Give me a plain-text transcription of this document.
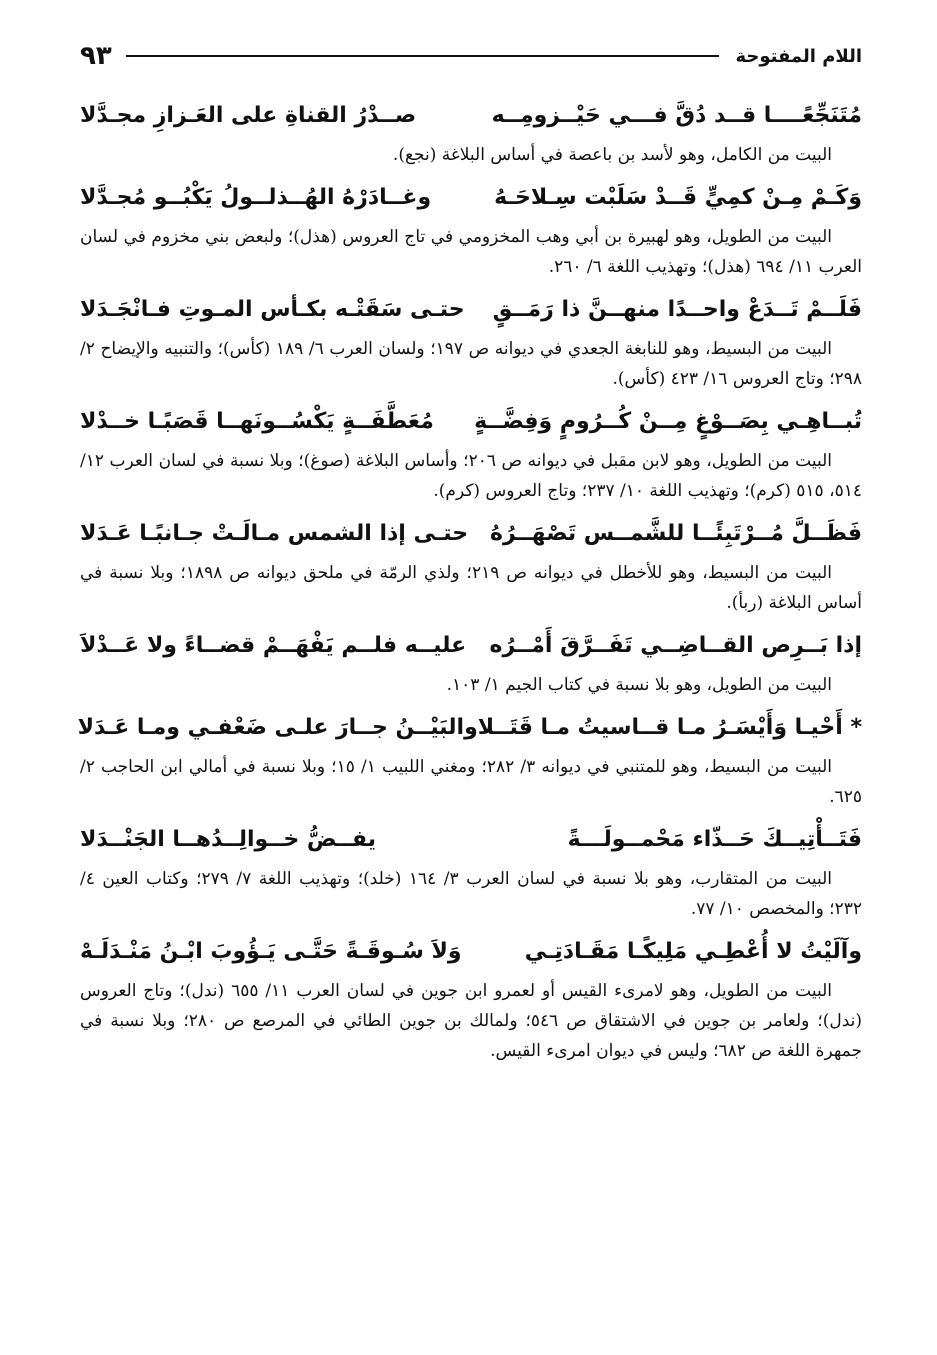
اللام المفتوحة
٩٣
مُتَنَجِّعًــــا قــد دُقَّ فـــي حَيْــزومِــه
صــدْرُ القناةِ على العَـزازِ مجـدَّلا

البيت من الكامل، وهو لأسد بن باعصة في أساس البلاغة (نجع).

وَكَـمْ مِـنْ كمِيٍّ قَــدْ سَلَبْت سِـلاحَـهُ
وغــادَرْهُ الهُــذلــولُ يَكْبُــو مُجـدَّلا

البيت من الطويل، وهو لهبيرة بن أبي وهب المخزومي في تاج العروس (هذل)؛ ولبعض بني مخزوم في لسان العرب ١١/ ٦٩٤ (هذل)؛ وتهذيب اللغة ٦/ ٢٦٠.

فَلَــمْ تَــدَعْ واحــدًا منهــنَّ ذا رَمَــقٍ
حتـى سَقَتْـه بكـأس المـوتِ فـانْجَـدَلا

البيت من البسيط، وهو للنابغة الجعدي في ديوانه ص ١٩٧؛ ولسان العرب ٦/ ١٨٩ (كأس)؛ والتنبيه والإيضاح ٢/ ٢٩٨؛ وتاج العروس ١٦/ ٤٢٣ (كأس).

تُبــاهِـي بِصَــوْغٍ مِــنْ كُــرُومٍ وَفِضَّــةٍ
مُعَطَّفَــةٍ يَكْسُــونَهــا قَصَبًـا خــدْلا

البيت من الطويل، وهو لابن مقبل في ديوانه ص ٢٠٦؛ وأساس البلاغة (صوغ)؛ وبلا نسبة في لسان العرب ١٢/ ٥١٤، ٥١٥ (كرم)؛ وتهذيب اللغة ١٠/ ٢٣٧؛ وتاج العروس (كرم).

فَظَــلَّ مُــرْتَبِئًــا للشَّمــس تَصْهَــرُهُ
حتـى إذا الشمس مـالَـتْ جـانبًـا عَـدَلا

البيت من البسيط، وهو للأخطل في ديوانه ص ٢١٩؛ ولذي الرمّة في ملحق ديوانه ص ١٨٩٨؛ وبلا نسبة في أساس البلاغة (ربأ).

إذا بَــرِص القــاضِــي تَفَــرَّقَ أَمْــرُه
عليــه فلــم يَفْهَــمْ قضــاءً ولا عَــدْلاَ

البيت من الطويل، وهو بلا نسبة في كتاب الجيم ١/ ١٠٣.

* أَحْيـا وَأَيْسَـرُ مـا قــاسيتُ مـا قَتَــلا
والبَيْــنُ جــارَ علـى ضَعْفـي ومـا عَـدَلا

البيت من البسيط، وهو للمتنبي في ديوانه ٣/ ٢٨٢؛ ومغني اللبيب ١/ ١٥؛ وبلا نسبة في أمالي ابن الحاجب ٢/ ٦٢٥.

فَتَــأْتِيــكَ حَــذّاء مَحْمــولَـــةً
يفــضُّ خــوالِــدُهــا الجَنْــدَلا

البيت من المتقارب، وهو بلا نسبة في لسان العرب ٣/ ١٦٤ (خلد)؛ وتهذيب اللغة ٧/ ٢٧٩؛ وكتاب العين ٤/ ٢٣٢؛ والمخصص ١٠/ ٧٧.

وآلَيْتُ لا أُعْطِـي مَلِيكًـا مَقَـادَتِـي
وَلاَ سُـوقَـةً حَتَّـى يَـؤُوبَ ابْـنُ مَنْـدَلَـهْ

البيت من الطويل، وهو لامرىء القيس أو لعمرو ابن جوين في لسان العرب ١١/ ٦٥٥ (ندل)؛ وتاج العروس (ندل)؛ ولعامر بن جوين في الاشتقاق ص ٥٤٦؛ ولمالك بن جوين الطائي في المرصع ص ٢٨٠؛ وبلا نسبة في جمهرة اللغة ص ٦٨٢؛ وليس في ديوان امرىء القيس.
